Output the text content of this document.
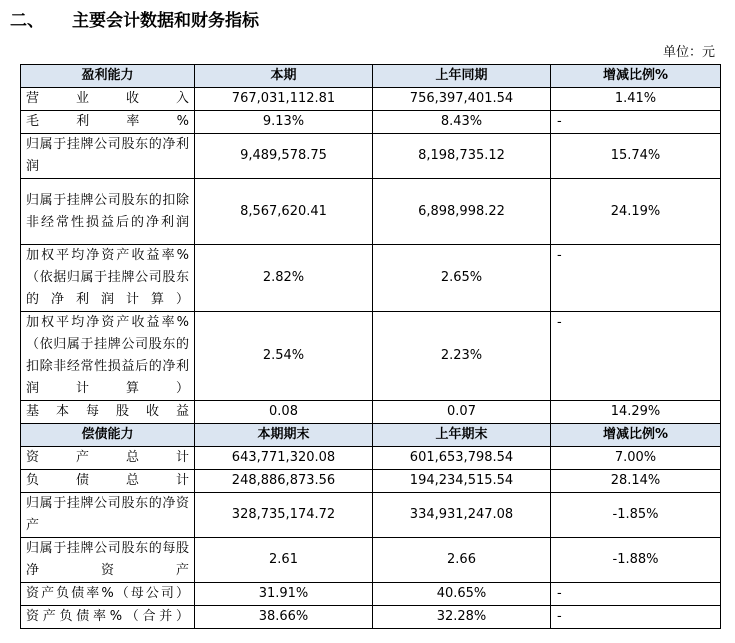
二、 主要会计数据和财务指标
单位：元
盈利能力	本期	上年同期	增减比例%
营业收入	767,031,112.81	756,397,401.54	1.41%
毛利率%	9.13%	8.43%	-
归属于挂牌公司股东的净利润	9,489,578.75	8,198,735.12	15.74%
归属于挂牌公司股东的扣除非经常性损益后的净利润	8,567,620.41	6,898,998.22	24.19%
加权平均净资产收益率%（依据归属于挂牌公司股东的净利润计算）	2.82%	2.65%	-
加权平均净资产收益率%（依归属于挂牌公司股东的扣除非经常性损益后的净利润计算）	2.54%	2.23%	-
基本每股收益	0.08	0.07	14.29%
偿债能力	本期期末	上年期末	增减比例%
资产总计	643,771,320.08	601,653,798.54	7.00%
负债总计	248,886,873.56	194,234,515.54	28.14%
归属于挂牌公司股东的净资产	328,735,174.72	334,931,247.08	-1.85%
归属于挂牌公司股东的每股净资产	2.61	2.66	-1.88%
资产负债率%（母公司）	31.91%	40.65%	-
资产负债率%（合并）	38.66%	32.28%	-
